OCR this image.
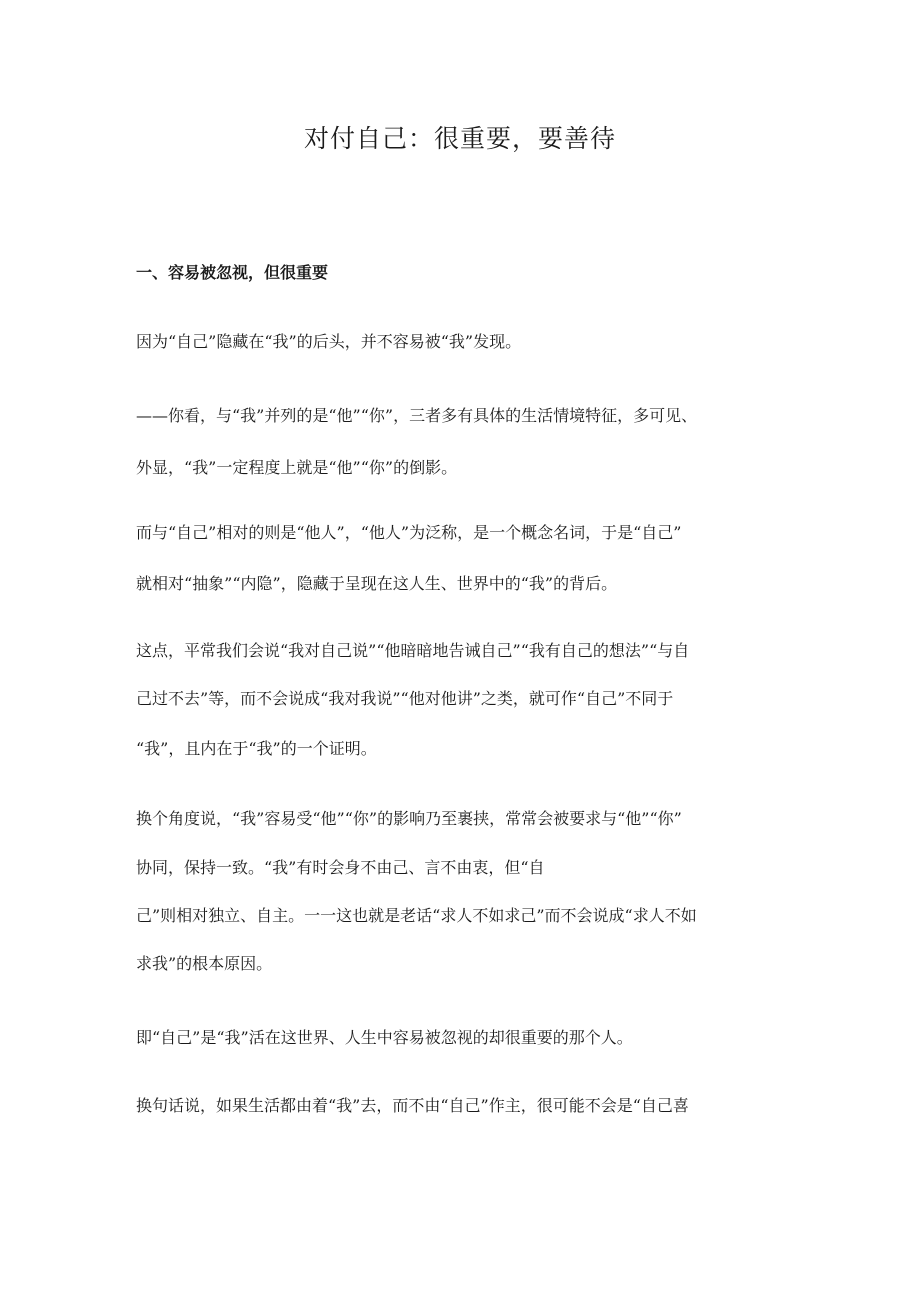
对付自己：很重要，要善待

一、容易被忽视，但很重要

因为“自己”隐藏在“我”的后头，并不容易被“我”发现。

——你看，与“我”并列的是“他”“你”，三者多有具体的生活情境特征，多可见、

外显，“我”一定程度上就是“他”“你”的倒影。

而与“自己”相对的则是“他人”，“他人”为泛称，是一个概念名词，于是“自己”

就相对“抽象”“内隐”，隐藏于呈现在这人生、世界中的“我”的背后。

这点，平常我们会说“我对自己说”“他暗暗地告诫自己”“我有自己的想法”“与自

己过不去”等，而不会说成“我对我说”“他对他讲”之类，就可作“自己”不同于

“我”，且内在于“我”的一个证明。

换个角度说，“我”容易受“他”“你”的影响乃至裹挟，常常会被要求与“他”“你”

协同，保持一致。“我”有时会身不由己、言不由衷，但“自

己”则相对独立、自主。一一这也就是老话“求人不如求己”而不会说成“求人不如

求我”的根本原因。

即“自己”是“我”活在这世界、人生中容易被忽视的却很重要的那个人。

换句话说，如果生活都由着“我”去，而不由“自己”作主，很可能不会是“自己喜
